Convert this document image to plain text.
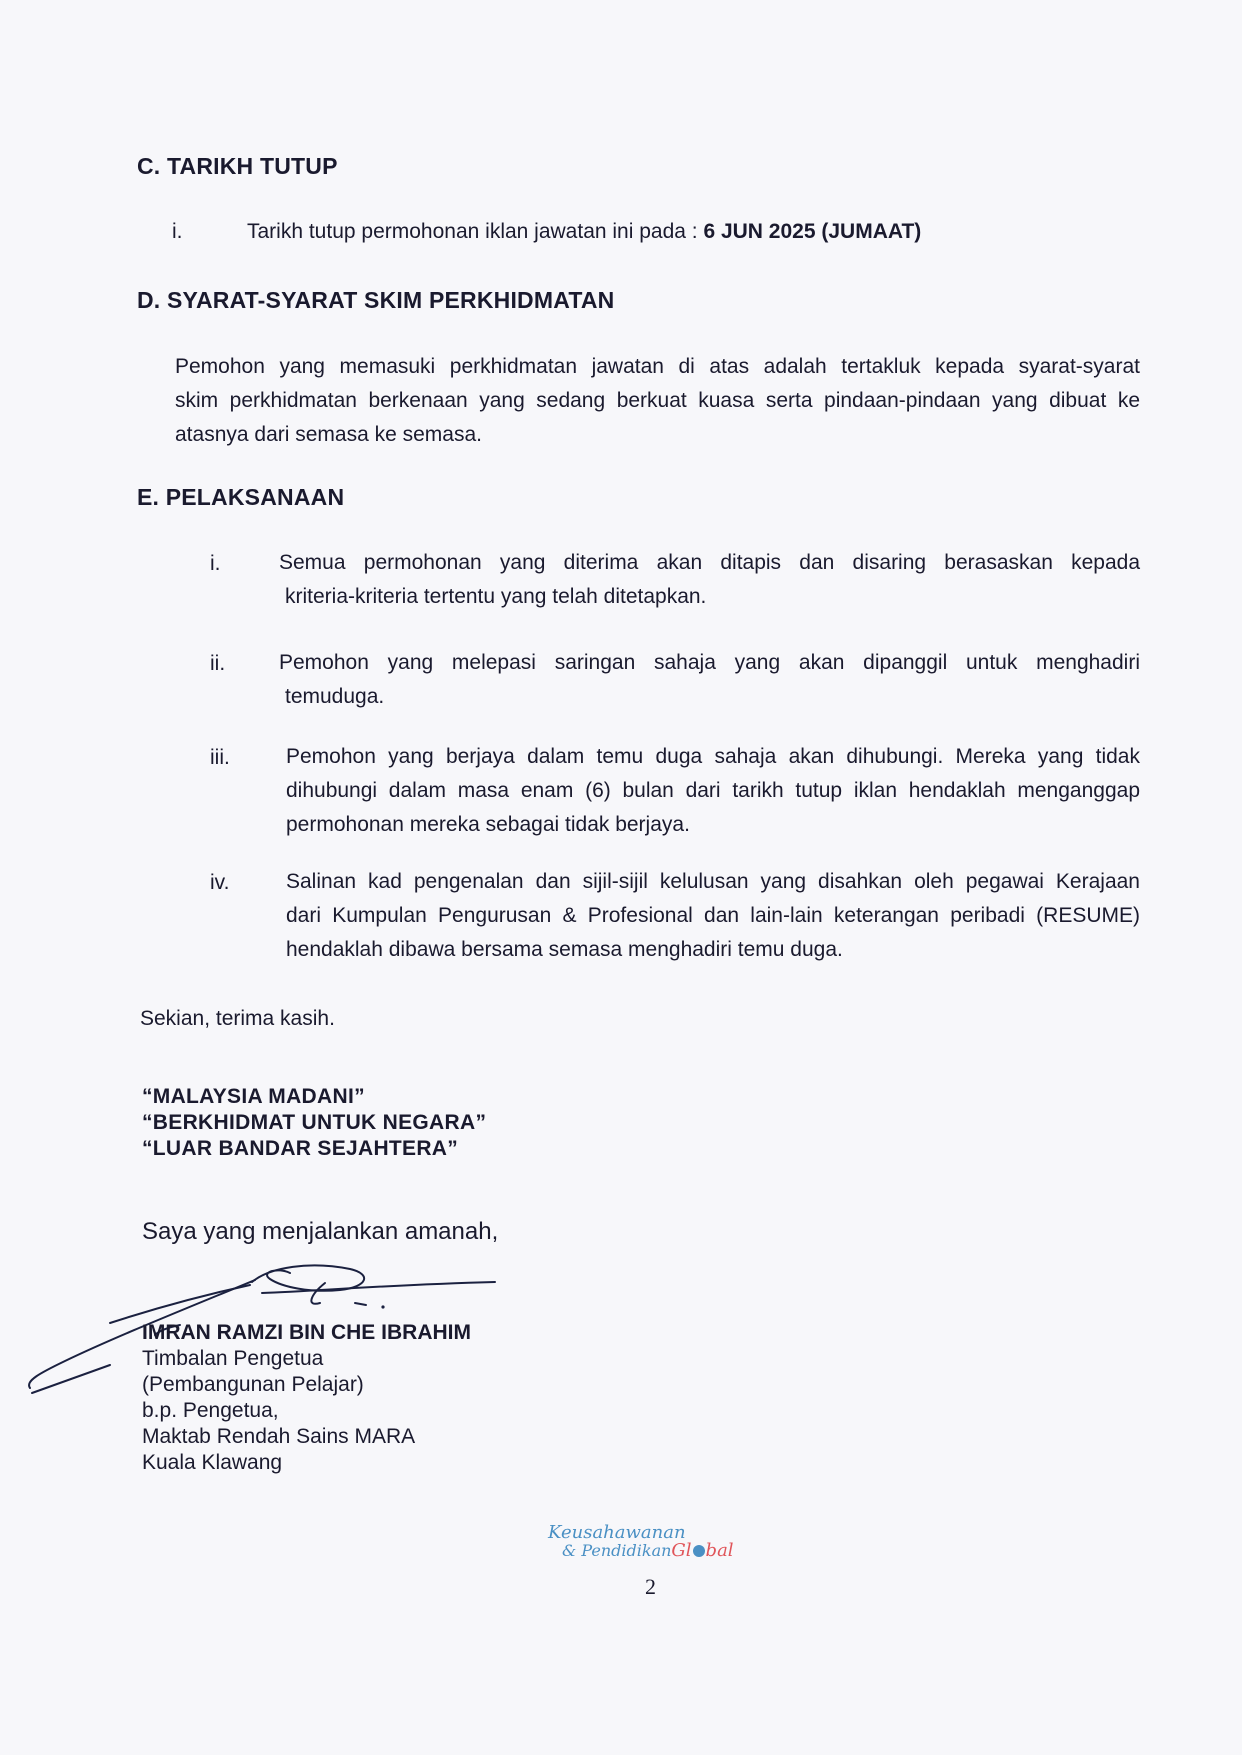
C. TARIKH TUTUP
i.	Tarikh tutup permohonan iklan jawatan ini pada : 6 JUN 2025 (JUMAAT)
D. SYARAT-SYARAT SKIM PERKHIDMATAN
Pemohon yang memasuki perkhidmatan jawatan di atas adalah tertakluk kepada syarat-syarat
skim perkhidmatan berkenaan yang sedang berkuat kuasa serta pindaan-pindaan yang dibuat ke
atasnya dari semasa ke semasa.
E. PELAKSANAAN
i.	Semua permohonan yang diterima akan ditapis dan disaring berasaskan kepada
kriteria-kriteria tertentu yang telah ditetapkan.
ii.	Pemohon yang melepasi saringan sahaja yang akan dipanggil untuk menghadiri
temuduga.
iii.	Pemohon yang berjaya dalam temu duga sahaja akan dihubungi. Mereka yang tidak
dihubungi dalam masa enam (6) bulan dari tarikh tutup iklan hendaklah menganggap
permohonan mereka sebagai tidak berjaya.
iv.	Salinan kad pengenalan dan sijil-sijil kelulusan yang disahkan oleh pegawai Kerajaan
dari Kumpulan Pengurusan & Profesional dan lain-lain keterangan peribadi (RESUME)
hendaklah dibawa bersama semasa menghadiri temu duga.
Sekian, terima kasih.
“MALAYSIA MADANI”
“BERKHIDMAT UNTUK NEGARA”
“LUAR BANDAR SEJAHTERA”
Saya yang menjalankan amanah,
IMRAN RAMZI BIN CHE IBRAHIM
Timbalan Pengetua
(Pembangunan Pelajar)
b.p. Pengetua,
Maktab Rendah Sains MARA
Kuala Klawang
Keusahawanan
& PendidikanGl bal
2
